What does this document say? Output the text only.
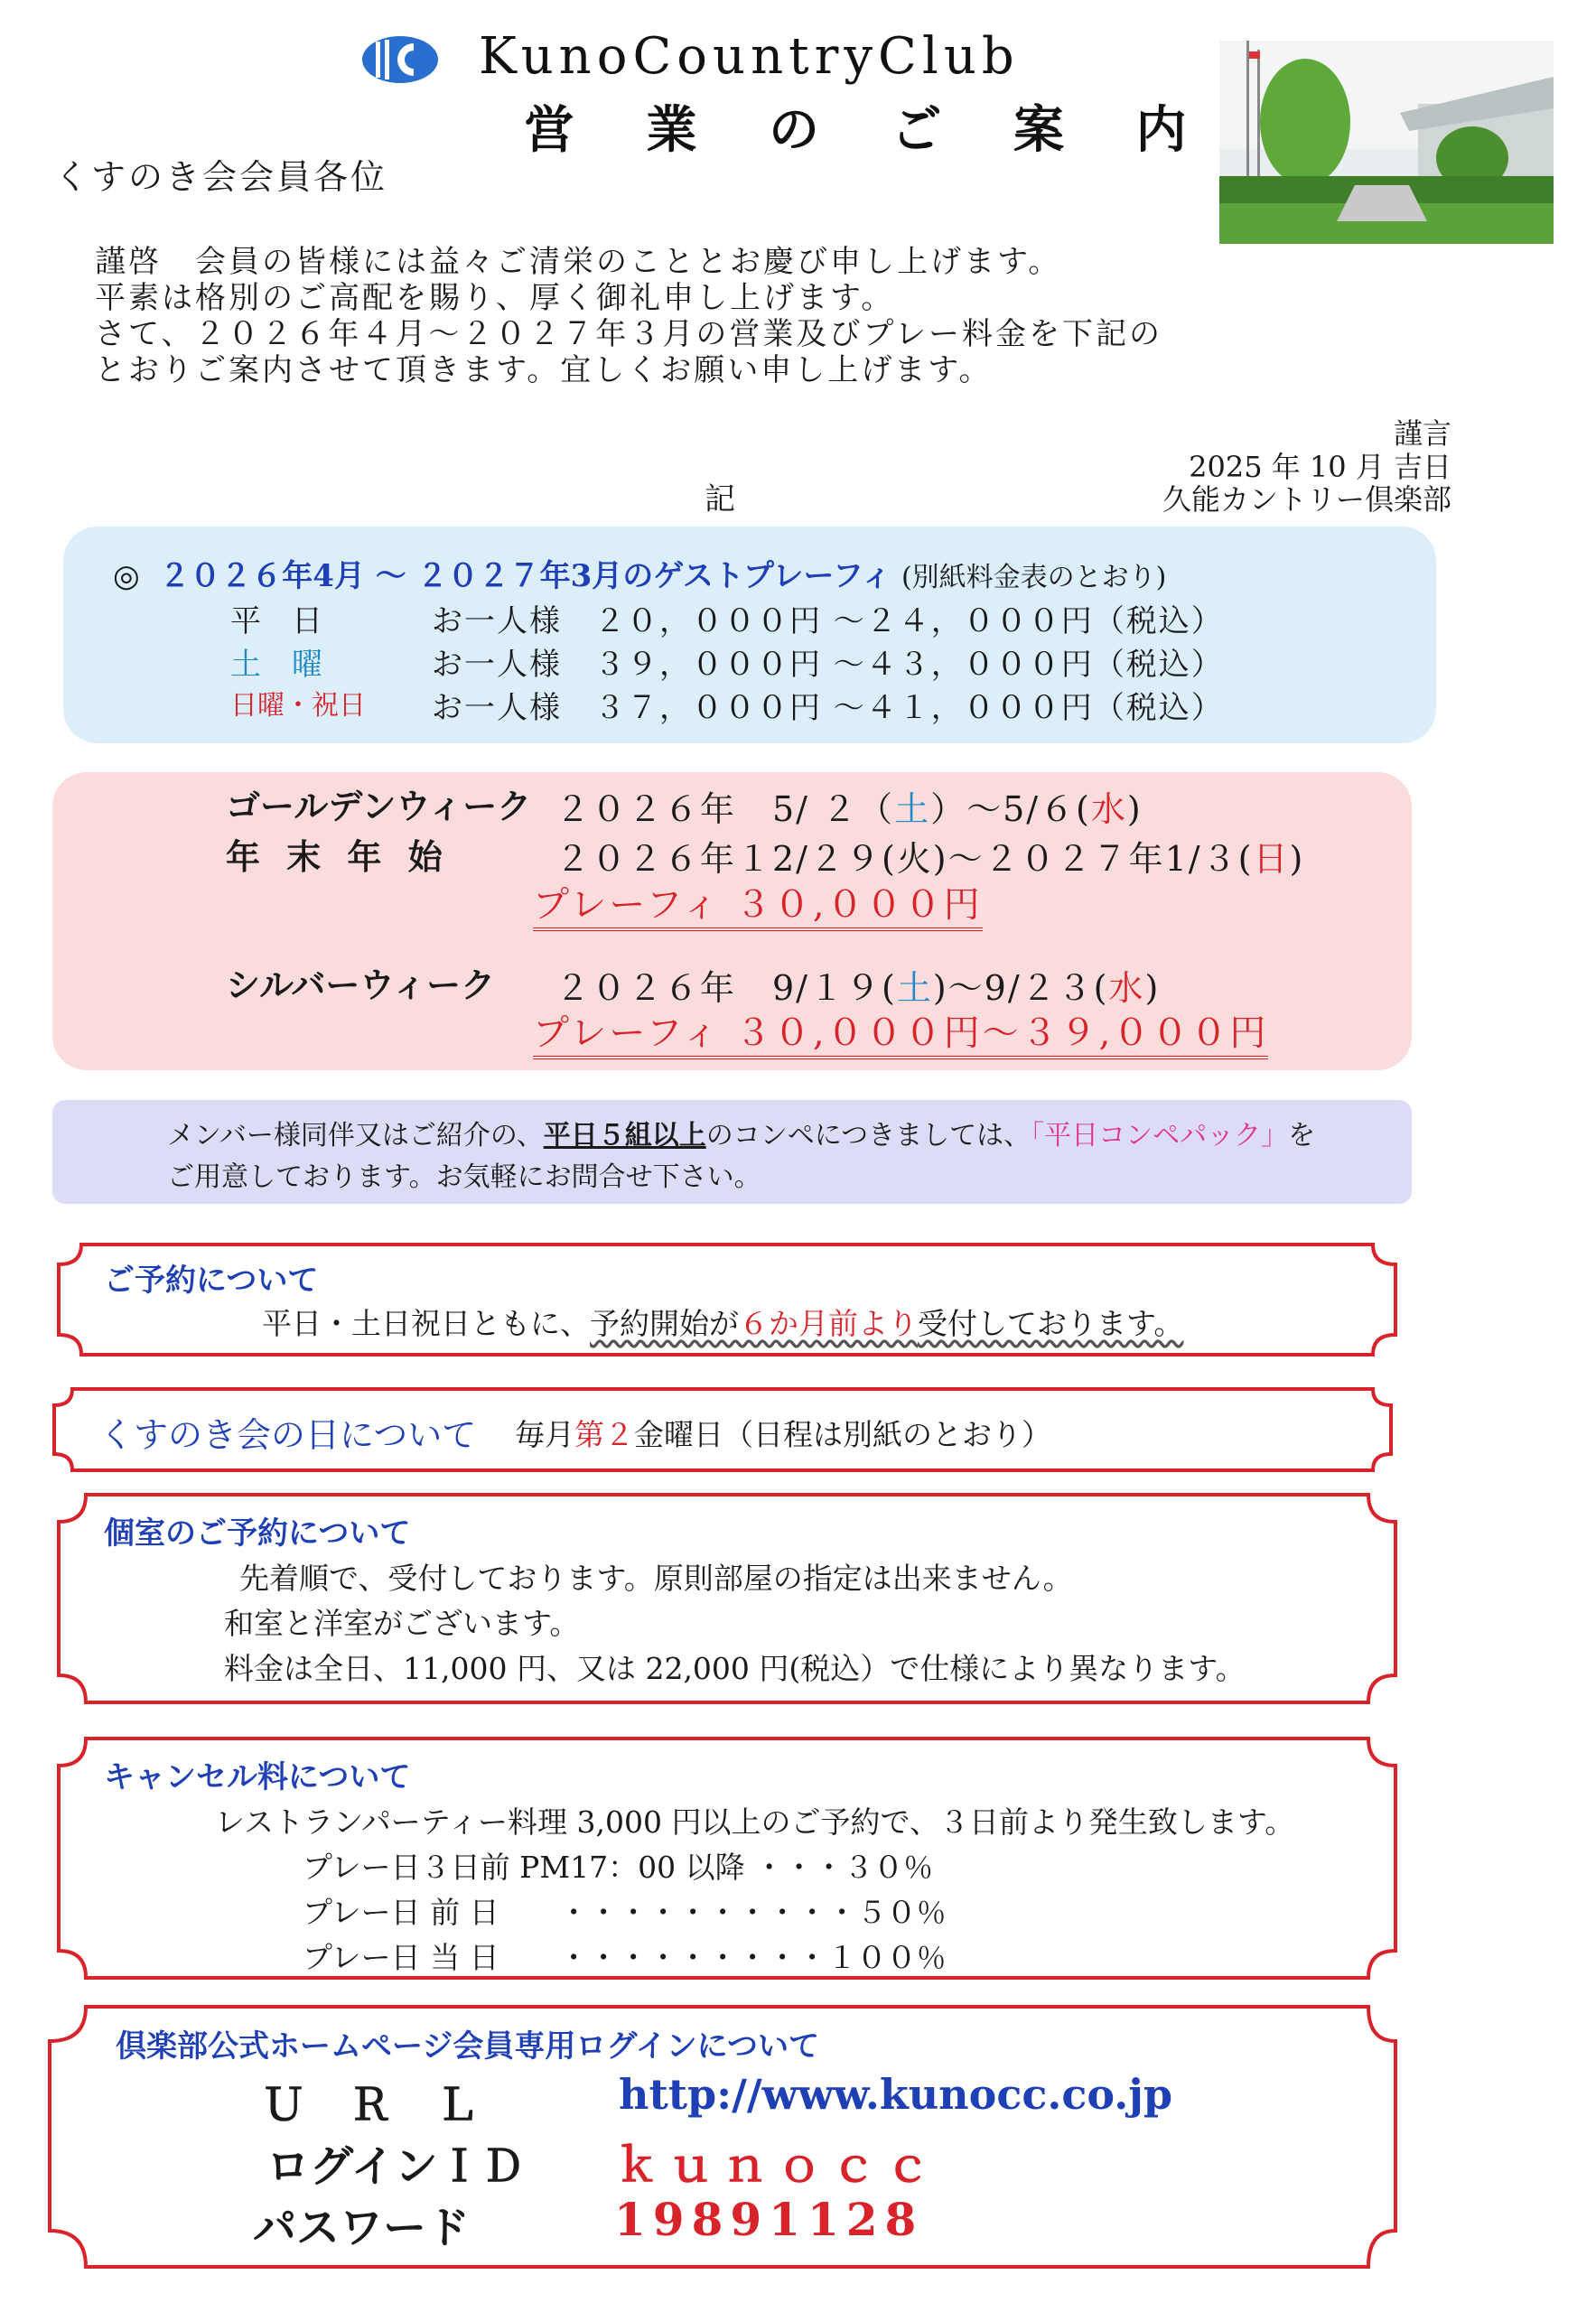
KunoCountryClub
営 業 の ご 案 内
くすのき会会員各位
謹啓　会員の皆様には益々ご清栄のこととお慶び申し上げます。
平素は格別のご高配を賜り、厚く御礼申し上げます。
さて、２０２６年４月～２０２７年３月の営業及びプレー料金を下記の
とおりご案内させて頂きます。宜しくお願い申し上げます。
謹言
2025 年 10 月 吉日
久能カントリー倶楽部
記
◎ ２０２６年4月 ～ ２０２７年3月のゲストプレーフィ (別紙料金表のとおり)
平　日	お一人様　２０，０００円 ～２４，０００円（税込）
土　曜	お一人様　３９，０００円 ～４３，０００円（税込）
日曜・祝日 お一人様　３７，０００円 ～４１，０００円（税込）
ゴールデンウィーク ２０２６年　5/ ２（土）～5/６(水)
年 末 年 始	２０２６年１2/２９(火)～２０２７年1/３(日)
プレーフィ ３０,０００円
シルバーウィーク ２０２６年　9/１９(土)～9/２３(水)
プレーフィ ３０,０００円～３９,０００円
メンバー様同伴又はご紹介の、平日５組以上のコンペにつきましては、「平日コンペパック」を
ご用意しております。お気軽にお問合せ下さい。
ご予約について
平日・土日祝日ともに、予約開始が６か月前より受付しております。
くすのき会の日について 毎月第２金曜日（日程は別紙のとおり）
個室のご予約について
先着順で、受付しております。原則部屋の指定は出来ません。
和室と洋室がございます。
料金は全日、11,000 円、又は 22,000 円(税込）で仕様により異なります。
キャンセル料について
レストランパーティー料理 3,000 円以上のご予約で、３日前より発生致します。
プレー日３日前 PM17：00 以降 ・・・３０％
プレー日 前 日　　・・・・・・・・・・５０％
プレー日 当 日　　・・・・・・・・・１００％
倶楽部公式ホームページ会員専用ログインについて
Ｕ　Ｒ　Ｌ	http://www.kunocc.co.jp
ログインＩＤ ｋｕｎｏｃｃ
パスワード	19891128
